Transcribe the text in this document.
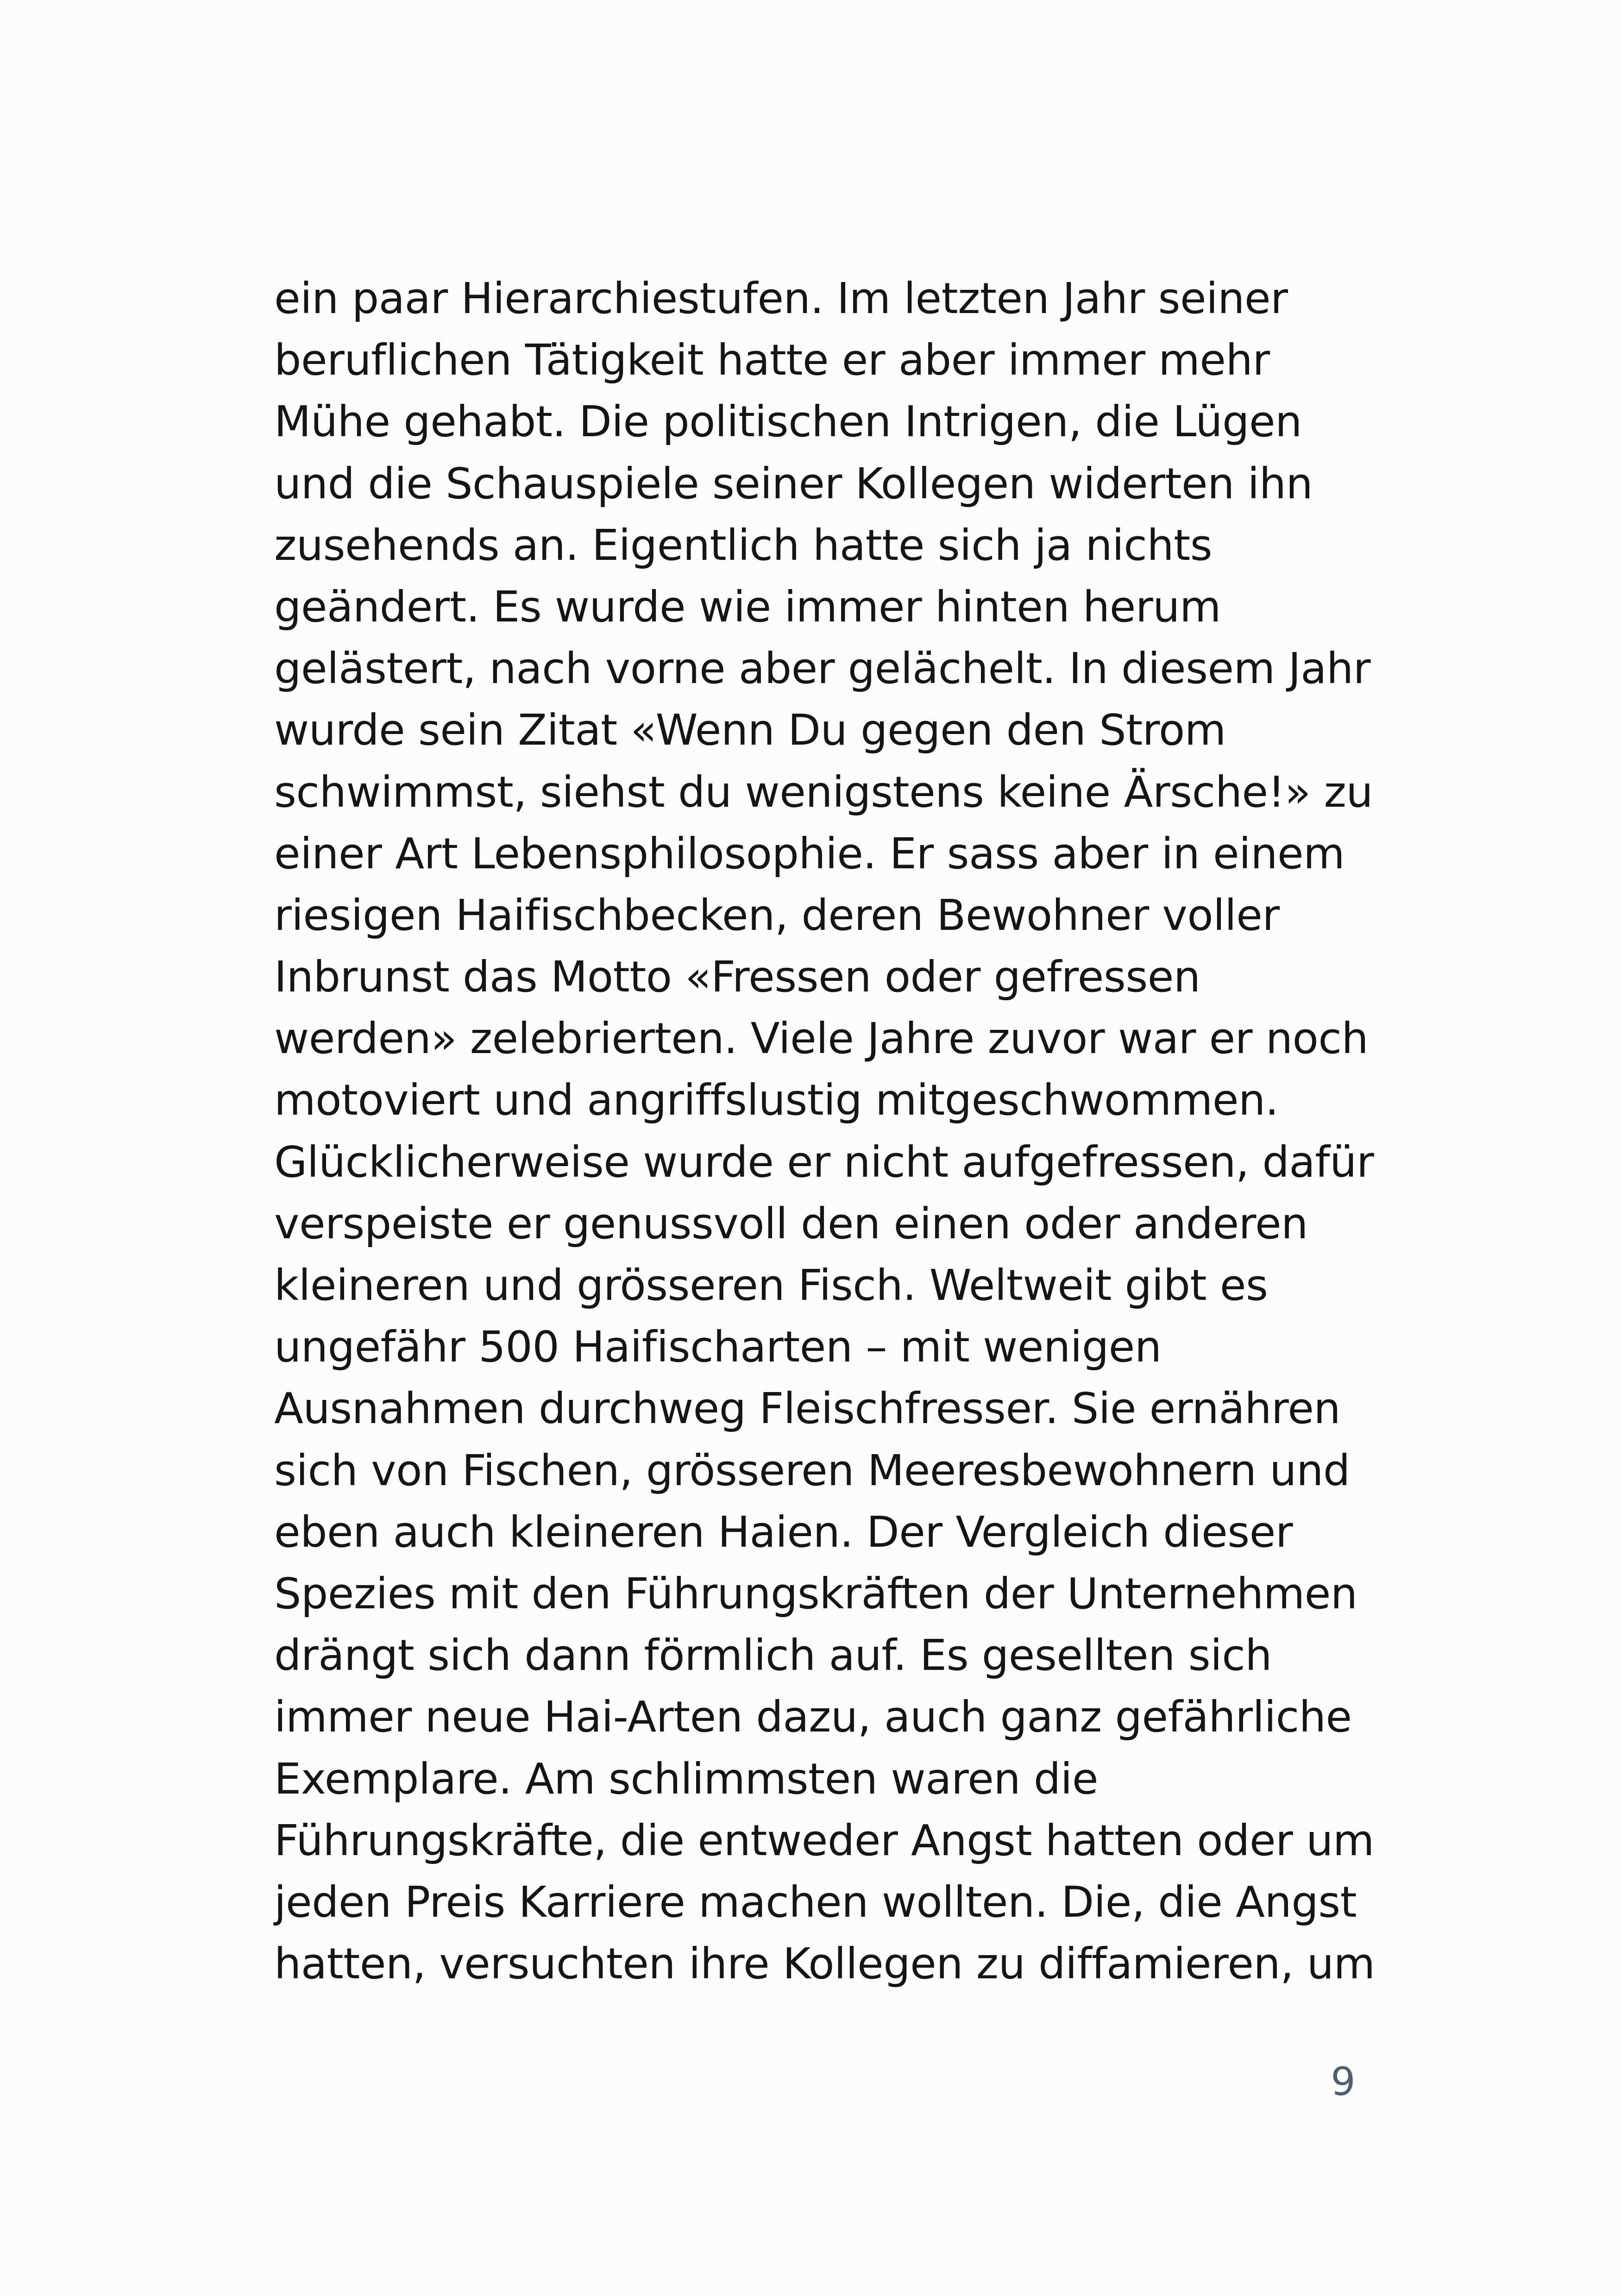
ein paar Hierarchiestufen. Im letzten Jahr seiner
beruflichen Tätigkeit hatte er aber immer mehr
Mühe gehabt. Die politischen Intrigen, die Lügen
und die Schauspiele seiner Kollegen widerten ihn
zusehends an. Eigentlich hatte sich ja nichts
geändert. Es wurde wie immer hinten herum
gelästert, nach vorne aber gelächelt. In diesem Jahr
wurde sein Zitat «Wenn Du gegen den Strom
schwimmst, siehst du wenigstens keine Ärsche!» zu
einer Art Lebensphilosophie. Er sass aber in einem
riesigen Haifischbecken, deren Bewohner voller
Inbrunst das Motto «Fressen oder gefressen
werden» zelebrierten. Viele Jahre zuvor war er noch
motoviert und angriffslustig mitgeschwommen.
Glücklicherweise wurde er nicht aufgefressen, dafür
verspeiste er genussvoll den einen oder anderen
kleineren und grösseren Fisch. Weltweit gibt es
ungefähr 500 Haifischarten – mit wenigen
Ausnahmen durchweg Fleischfresser. Sie ernähren
sich von Fischen, grösseren Meeresbewohnern und
eben auch kleineren Haien. Der Vergleich dieser
Spezies mit den Führungskräften der Unternehmen
drängt sich dann förmlich auf. Es gesellten sich
immer neue Hai-Arten dazu, auch ganz gefährliche
Exemplare. Am schlimmsten waren die
Führungskräfte, die entweder Angst hatten oder um
jeden Preis Karriere machen wollten. Die, die Angst
hatten, versuchten ihre Kollegen zu diffamieren, um
9
